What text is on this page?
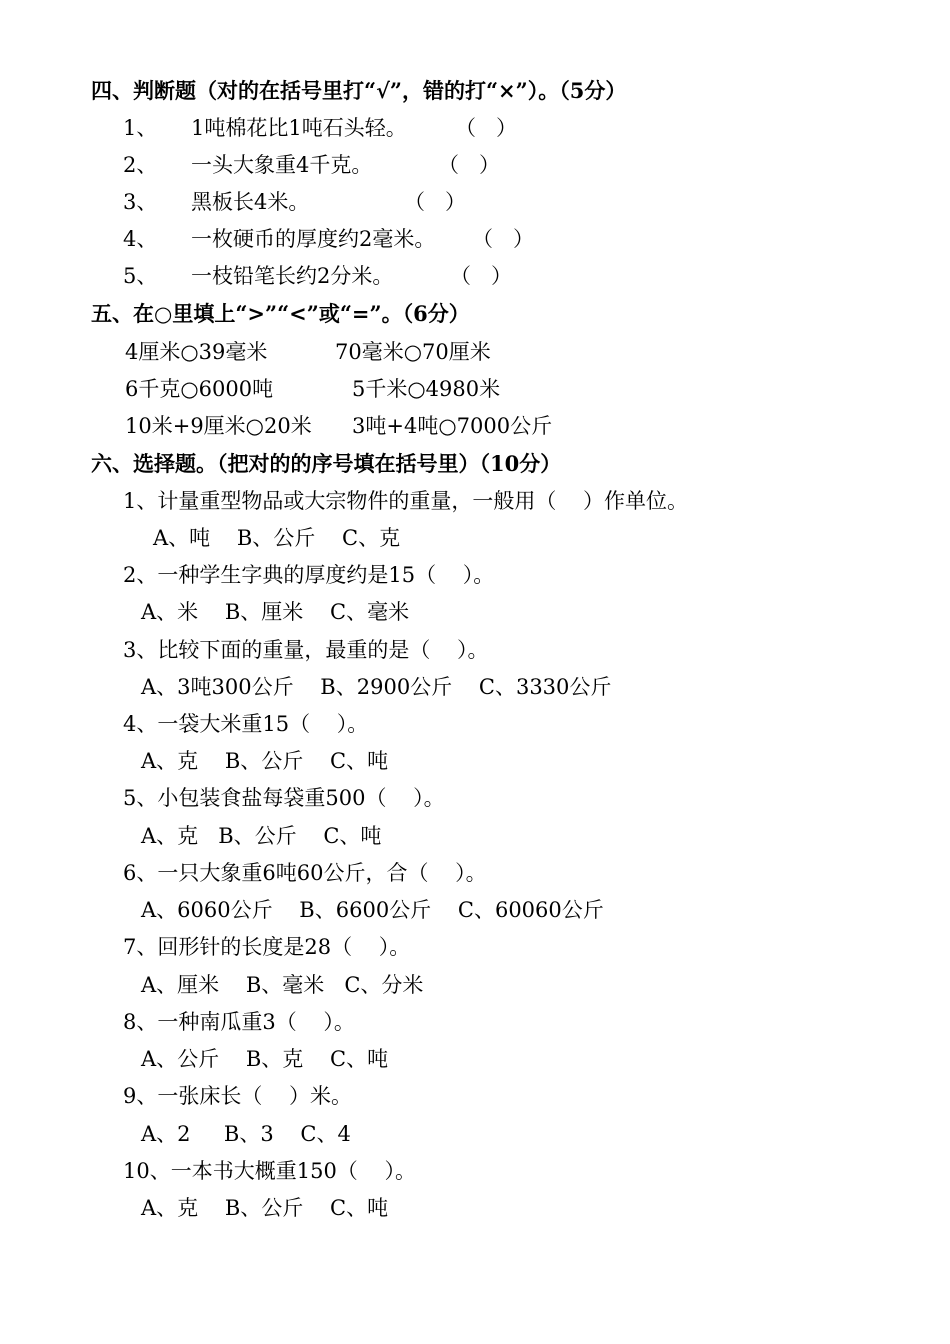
四、判断题（对的在括号里打“√”，错的打“×”）。（5分）
1、 1吨棉花比1吨石头轻。 （   ）
2、 一头大象重4千克。	（   ）
3、 黑板长4米。	（   ）
4、 一枚硬币的厚度约2毫米。 （   ）
5、 一枝铅笔长约2分米。	（   ）
五、在○里填上“>”“<”或“=”。（6分）
4厘米○39毫米	70毫米○70厘米
6千克○6000吨	5千米○4980米
10米+9厘米○20米 3吨+4吨○7000公斤
六、选择题。（把对的的序号填在括号里）（10分）
1、计量重型物品或大宗物件的重量，一般用（    ）作单位。
A、吨    B、公斤    C、克
2、一种学生字典的厚度约是15（    ）。
A、米    B、厘米    C、毫米
3、比较下面的重量，最重的是（    ）。
A、3吨300公斤    B、2900公斤    C、3330公斤
4、一袋大米重15（    ）。
A、克    B、公斤    C、吨
5、小包装食盐每袋重500（    ）。
A、克   B、公斤    C、吨
6、一只大象重6吨60公斤，合（    ）。
A、6060公斤    B、6600公斤    C、60060公斤
7、回形针的长度是28（    ）。
A、厘米    B、毫米   C、分米
8、一种南瓜重3（    ）。
A、公斤    B、克    C、吨
9、一张床长（    ）米。
A、2     B、3    C、4
10、一本书大概重150（    ）。
A、克    B、公斤    C、吨
